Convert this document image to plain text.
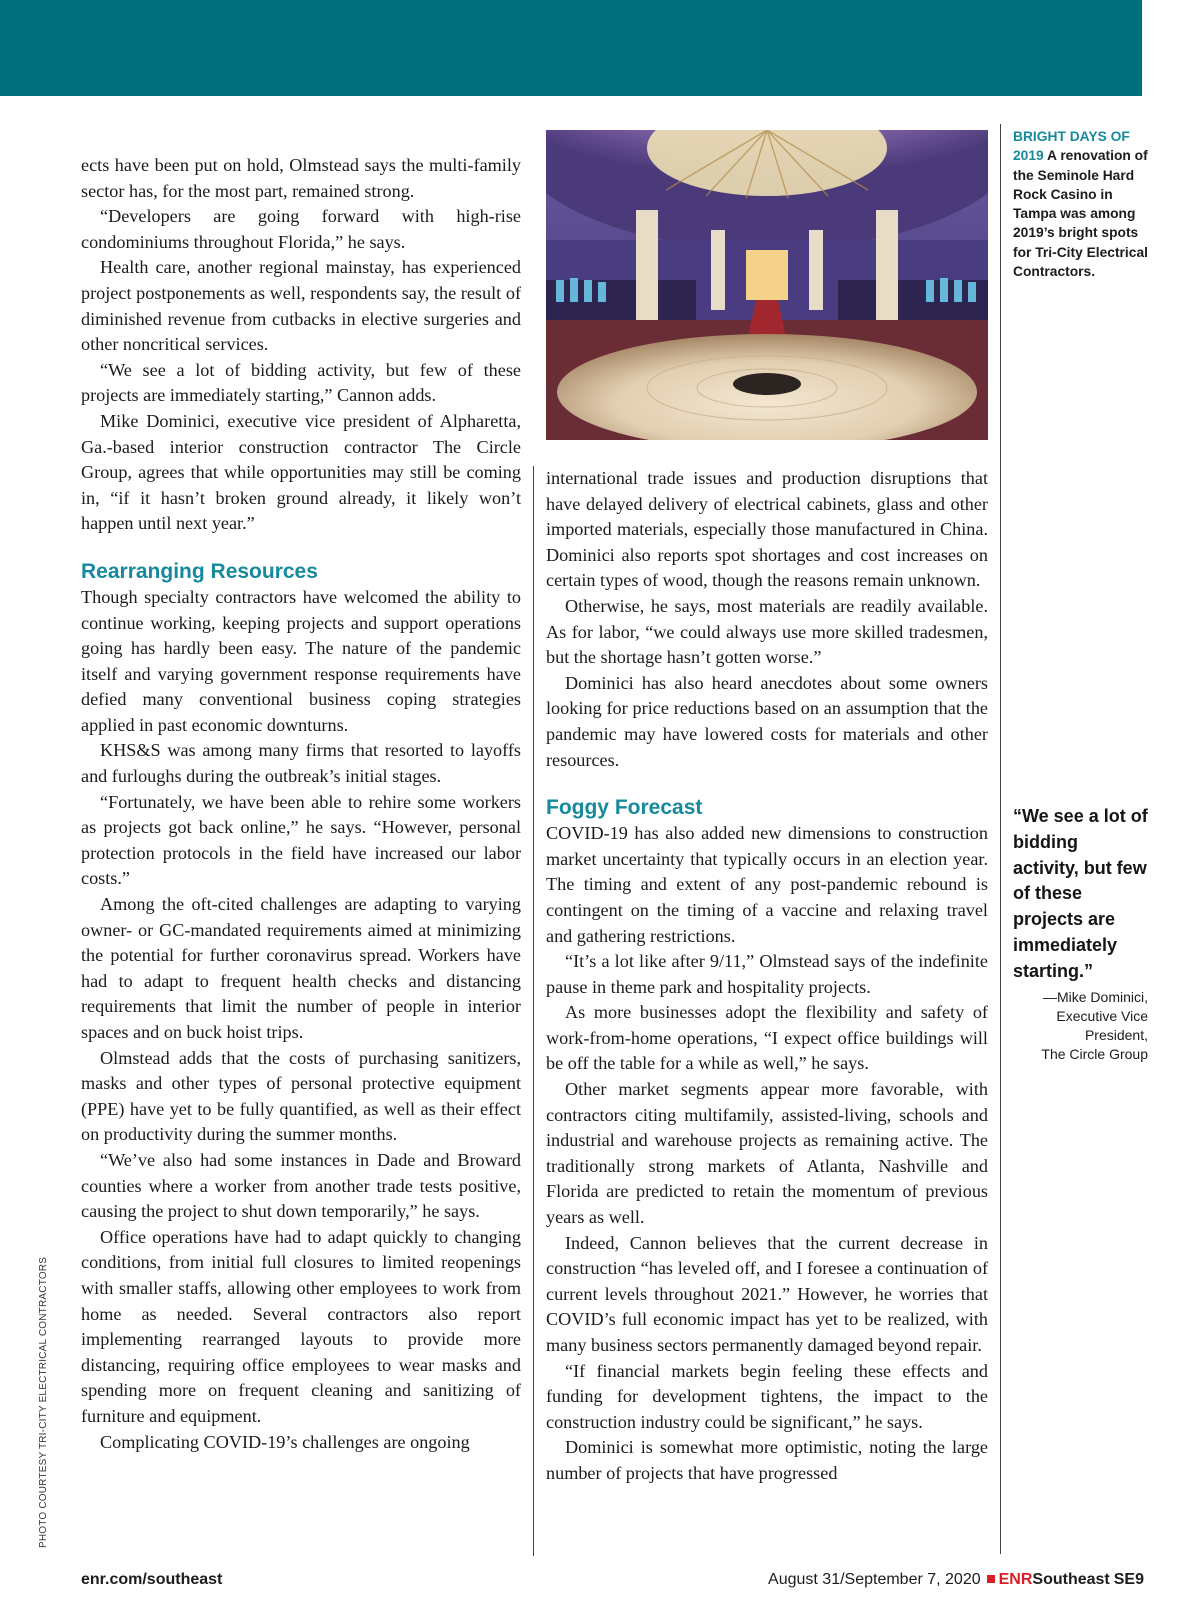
ects have been put on hold, Olmstead says the multi-family sector has, for the most part, remained strong.

“Developers are going forward with high-rise condominiums throughout Florida,” he says.

Health care, another regional mainstay, has experienced project postponements as well, respondents say, the result of diminished revenue from cutbacks in elective surgeries and other noncritical services.

“We see a lot of bidding activity, but few of these projects are immediately starting,” Cannon adds.

Mike Dominici, executive vice president of Alpharetta, Ga.-based interior construction contractor The Circle Group, agrees that while opportunities may still be coming in, “if it hasn’t broken ground already, it likely won’t happen until next year.”

Rearranging Resources

Though specialty contractors have welcomed the ability to continue working, keeping projects and support operations going has hardly been easy. The nature of the pandemic itself and varying government response requirements have defied many conventional business coping strategies applied in past economic downturns.

KHS&S was among many firms that resorted to layoffs and furloughs during the outbreak’s initial stages.

“Fortunately, we have been able to rehire some workers as projects got back online,” he says. “However, personal protection protocols in the field have increased our labor costs.”

Among the oft-cited challenges are adapting to varying owner- or GC-mandated requirements aimed at minimizing the potential for further coronavirus spread. Workers have had to adapt to frequent health checks and distancing requirements that limit the number of people in interior spaces and on buck hoist trips.

Olmstead adds that the costs of purchasing sanitizers, masks and other types of personal protective equipment (PPE) have yet to be fully quantified, as well as their effect on productivity during the summer months.

“We’ve also had some instances in Dade and Broward counties where a worker from another trade tests positive, causing the project to shut down temporarily,” he says.

Office operations have had to adapt quickly to changing conditions, from initial full closures to limited reopenings with smaller staffs, allowing other employees to work from home as needed. Several contractors also report implementing rearranged layouts to provide more distancing, requiring office employees to wear masks and spending more on frequent cleaning and sanitizing of furniture and equipment.

Complicating COVID-19’s challenges are ongoing

international trade issues and production disruptions that have delayed delivery of electrical cabinets, glass and other imported materials, especially those manufactured in China. Dominici also reports spot shortages and cost increases on certain types of wood, though the reasons remain unknown.

Otherwise, he says, most materials are readily available. As for labor, “we could always use more skilled tradesmen, but the shortage hasn’t gotten worse.”

Dominici has also heard anecdotes about some owners looking for price reductions based on an assumption that the pandemic may have lowered costs for materials and other resources.

Foggy Forecast

COVID-19 has also added new dimensions to construction market uncertainty that typically occurs in an election year. The timing and extent of any post-pandemic rebound is contingent on the timing of a vaccine and relaxing travel and gathering restrictions.

“It’s a lot like after 9/11,” Olmstead says of the indefinite pause in theme park and hospitality projects.

As more businesses adopt the flexibility and safety of work-from-home operations, “I expect office buildings will be off the table for a while as well,” he says.

Other market segments appear more favorable, with contractors citing multifamily, assisted-living, schools and industrial and warehouse projects as remaining active. The traditionally strong markets of Atlanta, Nashville and Florida are predicted to retain the momentum of previous years as well.

Indeed, Cannon believes that the current decrease in construction “has leveled off, and I foresee a continuation of current levels throughout 2021.” However, he worries that COVID’s full economic impact has yet to be realized, with many business sectors permanently damaged beyond repair.

“If financial markets begin feeling these effects and funding for development tightens, the impact to the construction industry could be significant,” he says.

Dominici is somewhat more optimistic, noting the large number of projects that have progressed

BRIGHT DAYS OF 2019 A renovation of the Seminole Hard Rock Casino in Tampa was among 2019’s bright spots for Tri-City Electrical Contractors.
“We see a lot of bidding activity, but few of these projects are immediately starting.”
—Mike Dominici,
Executive Vice President,
The Circle Group
PHOTO COURTESY TRI-CITY ELECTRICAL CONTRACTORS
enr.com/southeast	August 31/September 7, 2020 ENRSoutheast SE9
